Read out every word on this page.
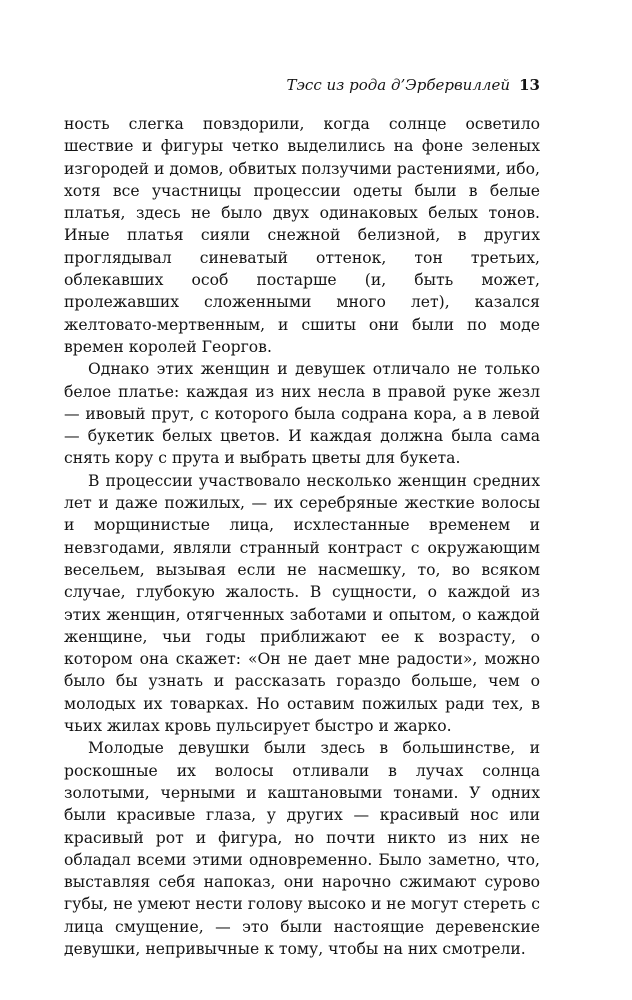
Тэсс из рода д’Эрбервиллей 13

ность слегка повздорили, когда солнце осветило шествие и фигуры четко выделились на фоне зеленых изгородей и домов, обвитых ползучими растениями, ибо, хотя все участницы процессии одеты были в белые платья, здесь не было двух одинаковых белых тонов. Иные платья сияли снежной белизной, в других проглядывал синеватый оттенок, тон третьих, облекавших особ постарше (и, быть может, пролежавших сложенными много лет), казался желтовато-мертвенным, и сшиты они были по моде времен королей Георгов.

Однако этих женщин и девушек отличало не только белое платье: каждая из них несла в правой руке жезл — ивовый прут, с которого была содрана кора, а в левой — букетик белых цветов. И каждая должна была сама снять кору с прута и выбрать цветы для букета.

В процессии участвовало несколько женщин средних лет и даже пожилых, — их серебряные жесткие волосы и морщинистые лица, исхлестанные временем и невзгодами, являли странный контраст с окружающим весельем, вызывая если не насмешку, то, во всяком случае, глубокую жалость. В сущности, о каждой из этих женщин, отягченных заботами и опытом, о каждой женщине, чьи годы приближают ее к возрасту, о котором она скажет: «Он не дает мне радости», можно было бы узнать и рассказать гораздо больше, чем о молодых их товарках. Но оставим пожилых ради тех, в чьих жилах кровь пульсирует быстро и жарко.

Молодые девушки были здесь в большинстве, и роскошные их волосы отливали в лучах солнца золотыми, черными и каштановыми тонами. У одних были красивые глаза, у других — красивый нос или красивый рот и фигура, но почти никто из них не обладал всеми этими одновременно. Было заметно, что, выставляя себя напоказ, они нарочно сжимают сурово губы, не умеют нести голову высоко и не могут стереть с лица смущение, — это были настоящие деревенские девушки, непривычные к тому, чтобы на них смотрели.
